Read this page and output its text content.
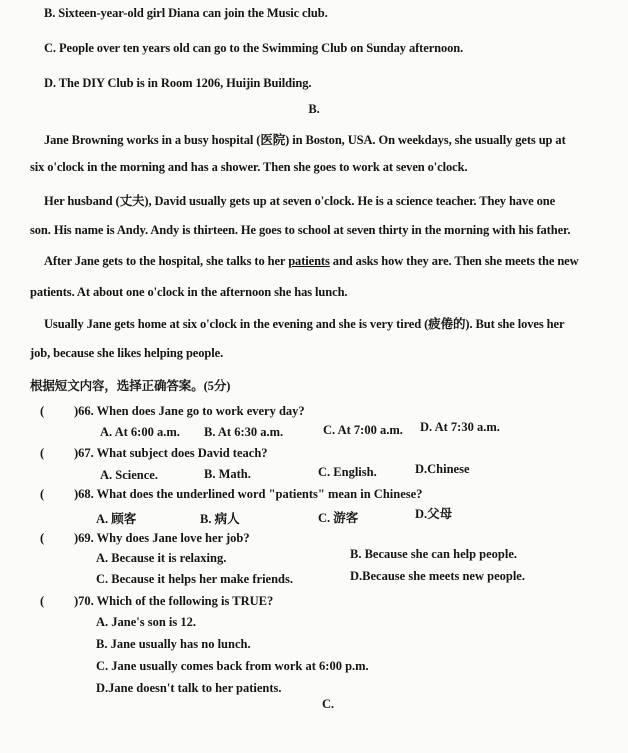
B. Sixteen-year-old girl Diana can join the Music club.
C. People over ten years old can go to the Swimming Club on Sunday afternoon.
D. The DIY Club is in Room 1206, Huijin Building.
B.
Jane Browning works in a busy hospital (医院) in Boston, USA. On weekdays, she usually gets up at
six o'clock in the morning and has a shower. Then she goes to work at seven o'clock.
Her husband (丈夫), David usually gets up at seven o'clock. He is a science teacher. They have one
son. His name is Andy. Andy is thirteen. He goes to school at seven thirty in the morning with his father.
After Jane gets to the hospital, she talks to her patients and asks how they are. Then she meets the new
patients. At about one o'clock in the afternoon she has lunch.
Usually Jane gets home at six o'clock in the evening and she is very tired (疲倦的). But she loves her
job, because she likes helping people.
根据短文内容，选择正确答案。(5分)
( )66. When does Jane go to work every day?
A. At 6:00 a.m. B. At 6:30 a.m.	C. At 7:00 a.m. D. At 7:30 a.m.
( )67. What subject does David teach?
A. Science.	B. Math.	C. English.	D.Chinese
( )68. What does the underlined word "patients" mean in Chinese?
A. 顾客	B. 病人	C. 游客	D.父母
( )69. Why does Jane love her job?
A. Because it is relaxing.	B. Because she can help people.
C. Because it helps her make friends.	D.Because she meets new people.
( )70. Which of the following is TRUE?
A. Jane's son is 12.
B. Jane usually has no lunch.
C. Jane usually comes back from work at 6:00 p.m.
D.Jane doesn't talk to her patients.
C.
